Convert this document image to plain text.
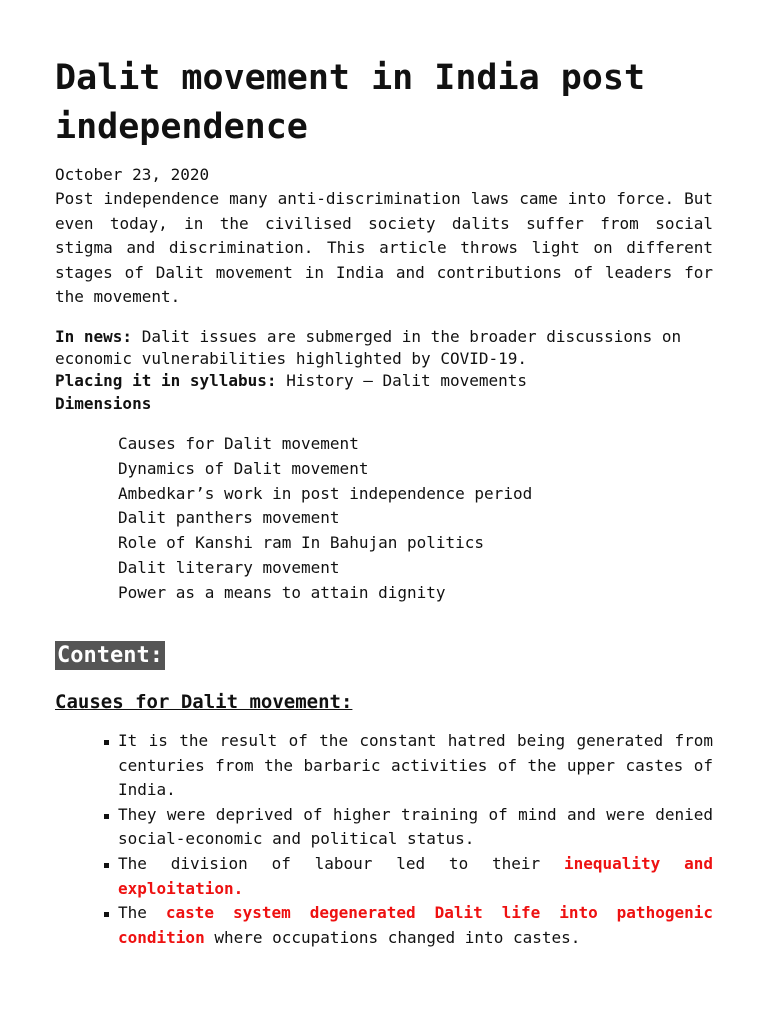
Dalit movement in India post independence
October 23, 2020

Post independence many anti-discrimination laws came into force. But even today, in the civilised society dalits suffer from social stigma and discrimination. This article throws light on different stages of Dalit movement in India and contributions of leaders for the movement.

In news: Dalit issues are submerged in the broader discussions on economic vulnerabilities highlighted by COVID-19.

Placing it in syllabus: History – Dalit movements

Dimensions

Causes for Dalit movement
Dynamics of Dalit movement
Ambedkar’s work in post independence period
Dalit panthers movement
Role of Kanshi ram In Bahujan politics
Dalit literary movement
Power as a means to attain dignity
Content:
Causes for Dalit movement:
It is the result of the constant hatred being generated from centuries from the barbaric activities of the upper castes of India.
They were deprived of higher training of mind and were denied social-economic and political status.
The division of labour led to their inequality and exploitation.
The caste system degenerated Dalit life into pathogenic condition where occupations changed into castes.
